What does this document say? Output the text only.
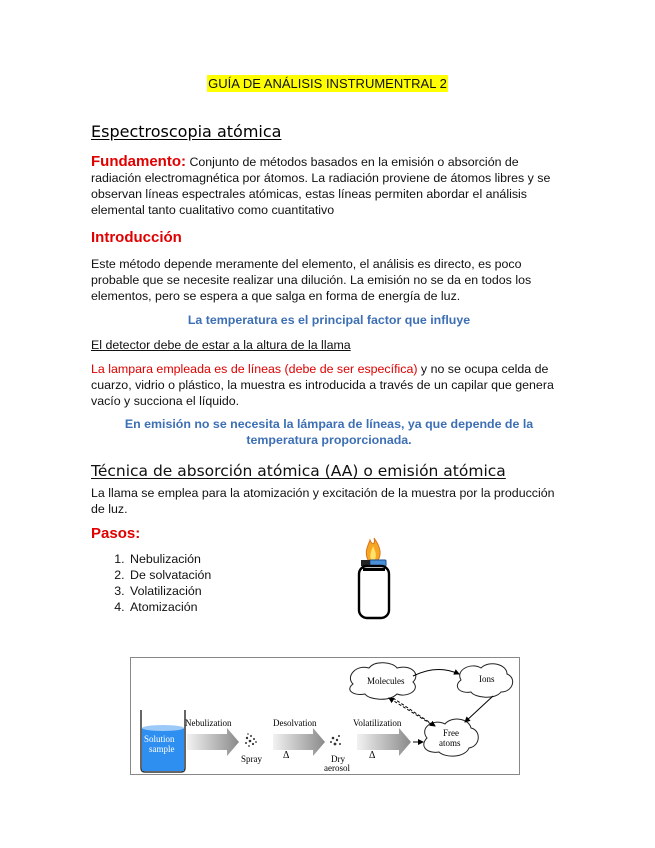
GUÍA DE ANÁLISIS INSTRUMENTRAL 2
Espectroscopia atómica
Fundamento: Conjunto de métodos basados en la emisión o absorción de radiación electromagnética por átomos. La radiación proviene de átomos libres y se observan líneas espectrales atómicas, estas líneas permiten abordar el análisis elemental tanto cualitativo como cuantitativo
Introducción
Este método depende meramente del elemento, el análisis es directo, es poco probable que se necesite realizar una dilución. La emisión no se da en todos los elementos, pero se espera a que salga en forma de energía de luz.
La temperatura es el principal factor que influye
El detector debe de estar a la altura de la llama
La lampara empleada es de líneas (debe de ser específica) y no se ocupa celda de cuarzo, vidrio o plástico, la muestra es introducida a través de un capilar que genera vacío y succiona el líquido.
En emisión no se necesita la lámpara de líneas, ya que depende de la temperatura proporcionada.
Técnica de absorción atómica (AA) o emisión atómica
La llama se emplea para la atomización y excitación de la muestra por la producción de luz.
Pasos:
1. Nebulización
2. De solvatación
3. Volatilización
4. Atomización
Solution
sample
Nebulization	Desolvation	Volatilization
Spray Δ	Dry
aerosol
Δ
Molecules	Ions
Free
atoms
